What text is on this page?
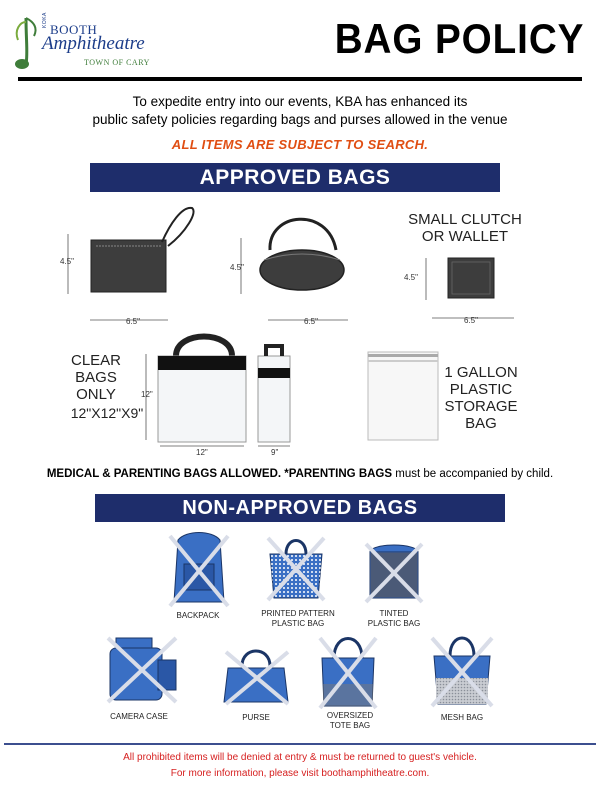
KOKA
BOOTH
Amphitheatre
TOWN OF CARY
BAG POLICY
To expedite entry into our events, KBA has enhanced its
public safety policies regarding bags and purses allowed in the venue
ALL ITEMS ARE SUBJECT TO SEARCH.
APPROVED BAGS
4.5"
6.5"
4.5"
6.5"
SMALL CLUTCH
OR WALLET
4.5"
6.5"
CLEAR
BAGS
ONLY
12"X12"X9"
12"
12"	9"
1 GALLON
PLASTIC
STORAGE
BAG
MEDICAL & PARENTING BAGS ALLOWED. *PARENTING BAGS must be accompanied by child.
NON-APPROVED BAGS
BACKPACK	PRINTED PATTERN
PLASTIC BAG
TINTED
PLASTIC BAG
CAMERA CASE	PURSE	OVERSIZED
TOTE BAG
MESH BAG
All prohibited items will be denied at entry & must be returned to guest's vehicle.
For more information, please visit boothamphitheatre.com.
